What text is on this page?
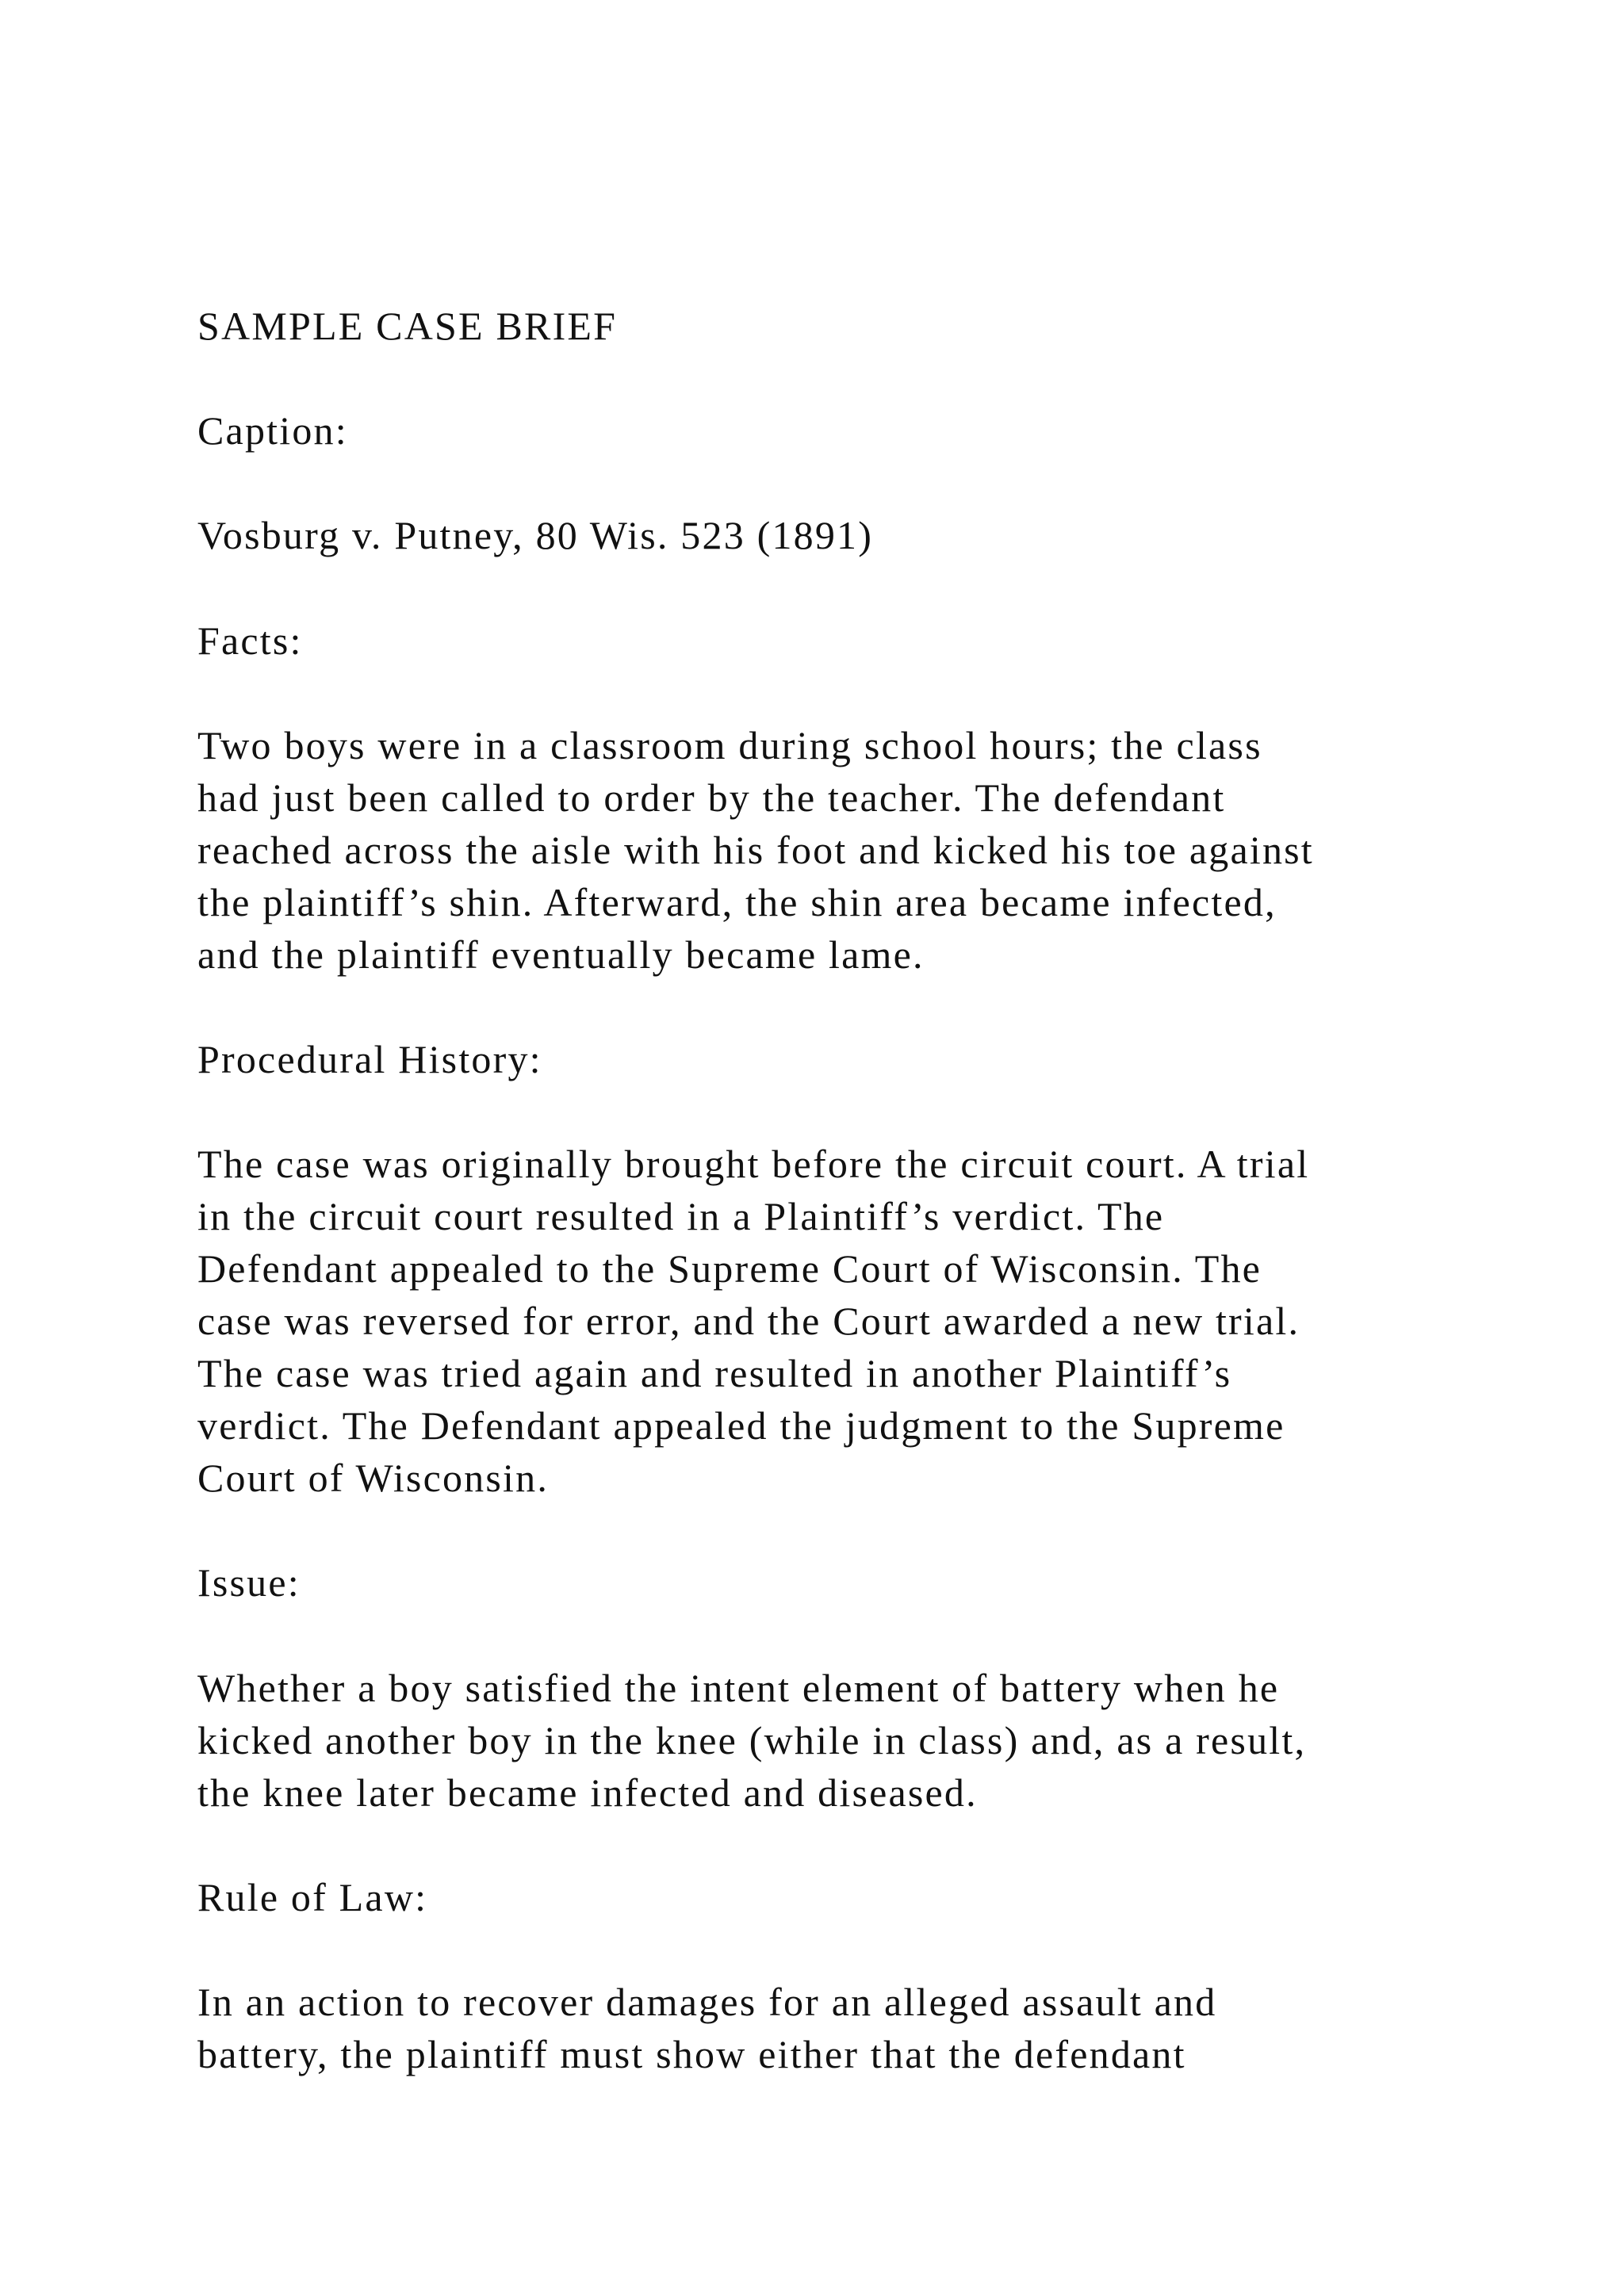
SAMPLE CASE BRIEF

Caption:

Vosburg v. Putney, 80 Wis. 523 (1891)

Facts:

Two boys were in a classroom during school hours; the class

had just been called to order by the teacher. The defendant

reached across the aisle with his foot and kicked his toe against

the plaintiff’s shin. Afterward, the shin area became infected,

and the plaintiff eventually became lame.

Procedural History:

The case was originally brought before the circuit court. A trial

in the circuit court resulted in a Plaintiff’s verdict. The

Defendant appealed to the Supreme Court of Wisconsin. The

case was reversed for error, and the Court awarded a new trial.

The case was tried again and resulted in another Plaintiff’s

verdict. The Defendant appealed the judgment to the Supreme

Court of Wisconsin.

Issue:

Whether a boy satisfied the intent element of battery when he

kicked another boy in the knee (while in class) and, as a result,

the knee later became infected and diseased.

Rule of Law:

In an action to recover damages for an alleged assault and

battery, the plaintiff must show either that the defendant
